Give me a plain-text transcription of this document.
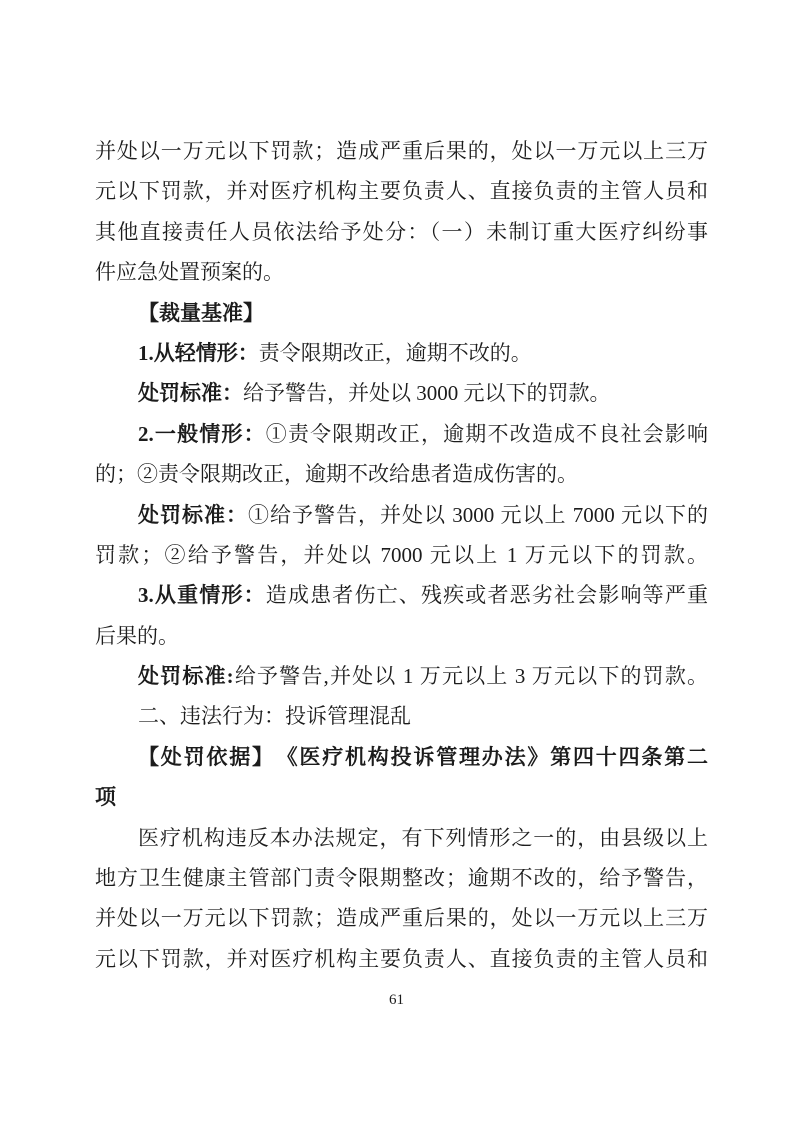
并处以一万元以下罚款；造成严重后果的，处以一万元以上三万
元以下罚款，并对医疗机构主要负责人、直接负责的主管人员和
其他直接责任人员依法给予处分：（一）未制订重大医疗纠纷事
件应急处置预案的。
【裁量基准】
1.从轻情形：责令限期改正，逾期不改的。
处罚标准：给予警告，并处以 3000 元以下的罚款。
2.一般情形：①责令限期改正，逾期不改造成不良社会影响
的；②责令限期改正，逾期不改给患者造成伤害的。
处罚标准：①给予警告，并处以 3000 元以上 7000 元以下的
罚款；②给予警告，并处以 7000 元以上 1 万元以下的罚款。
3.从重情形：造成患者伤亡、残疾或者恶劣社会影响等严重
后果的。
处罚标准:给予警告,并处以 1 万元以上 3 万元以下的罚款。
二、违法行为：投诉管理混乱
【处罚依据】　《医疗机构投诉管理办法》第四十四条第二
项
医疗机构违反本办法规定，有下列情形之一的，由县级以上
地方卫生健康主管部门责令限期整改；逾期不改的，给予警告，
并处以一万元以下罚款；造成严重后果的，处以一万元以上三万
元以下罚款，并对医疗机构主要负责人、直接负责的主管人员和
61
